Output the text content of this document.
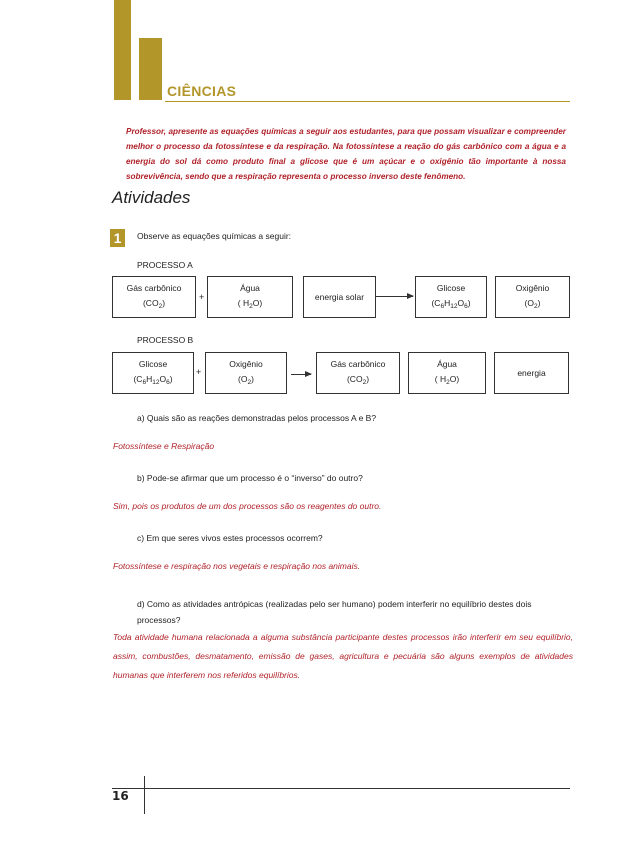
CIÊNCIAS
Professor, apresente as equações químicas a seguir aos estudantes, para que possam visualizar e compreender melhor o processo da fotossíntese e da respiração. Na fotossíntese a reação do gás carbônico com a água e a energia do sol dá como produto final a glicose que é um açúcar e o oxigênio tão importante à nossa sobrevivência, sendo que a respiração representa o processo inverso deste fenômeno.
Atividades
1	Observe as equações químicas a seguir:
PROCESSO A
Gás carbônico
$(CO_2)$
+
Água
( $H_2O$)
energia solar →
Glicose
$(C_6H_{12}O_6)$
Oxigênio
$(O_2)$
PROCESSO B
Glicose
$(C_6H_{12}O_6)$
+
Oxigênio
$(O_2)$
Gás carbônico
$(CO_2)$
Água
( $H_2O$)
energia
a) Quais são as reações demonstradas pelos processos A e B?
Fotossíntese e Respiração
b) Pode-se afirmar que um processo é o “inverso” do outro?
Sim, pois os produtos de um dos processos são os reagentes do outro.
c) Em que seres vivos estes processos ocorrem?
Fotossíntese e respiração nos vegetais e respiração nos animais.
d) Como as atividades antrópicas (realizadas pelo ser humano) podem interferir no equilíbrio destes dois processos?
Toda atividade humana relacionada a alguma substância participante destes processos irão interferir em seu equilíbrio, assim, combustões, desmatamento, emissão de gases, agricultura e pecuária são alguns exemplos de atividades humanas que interferem nos referidos equilíbrios.
16
